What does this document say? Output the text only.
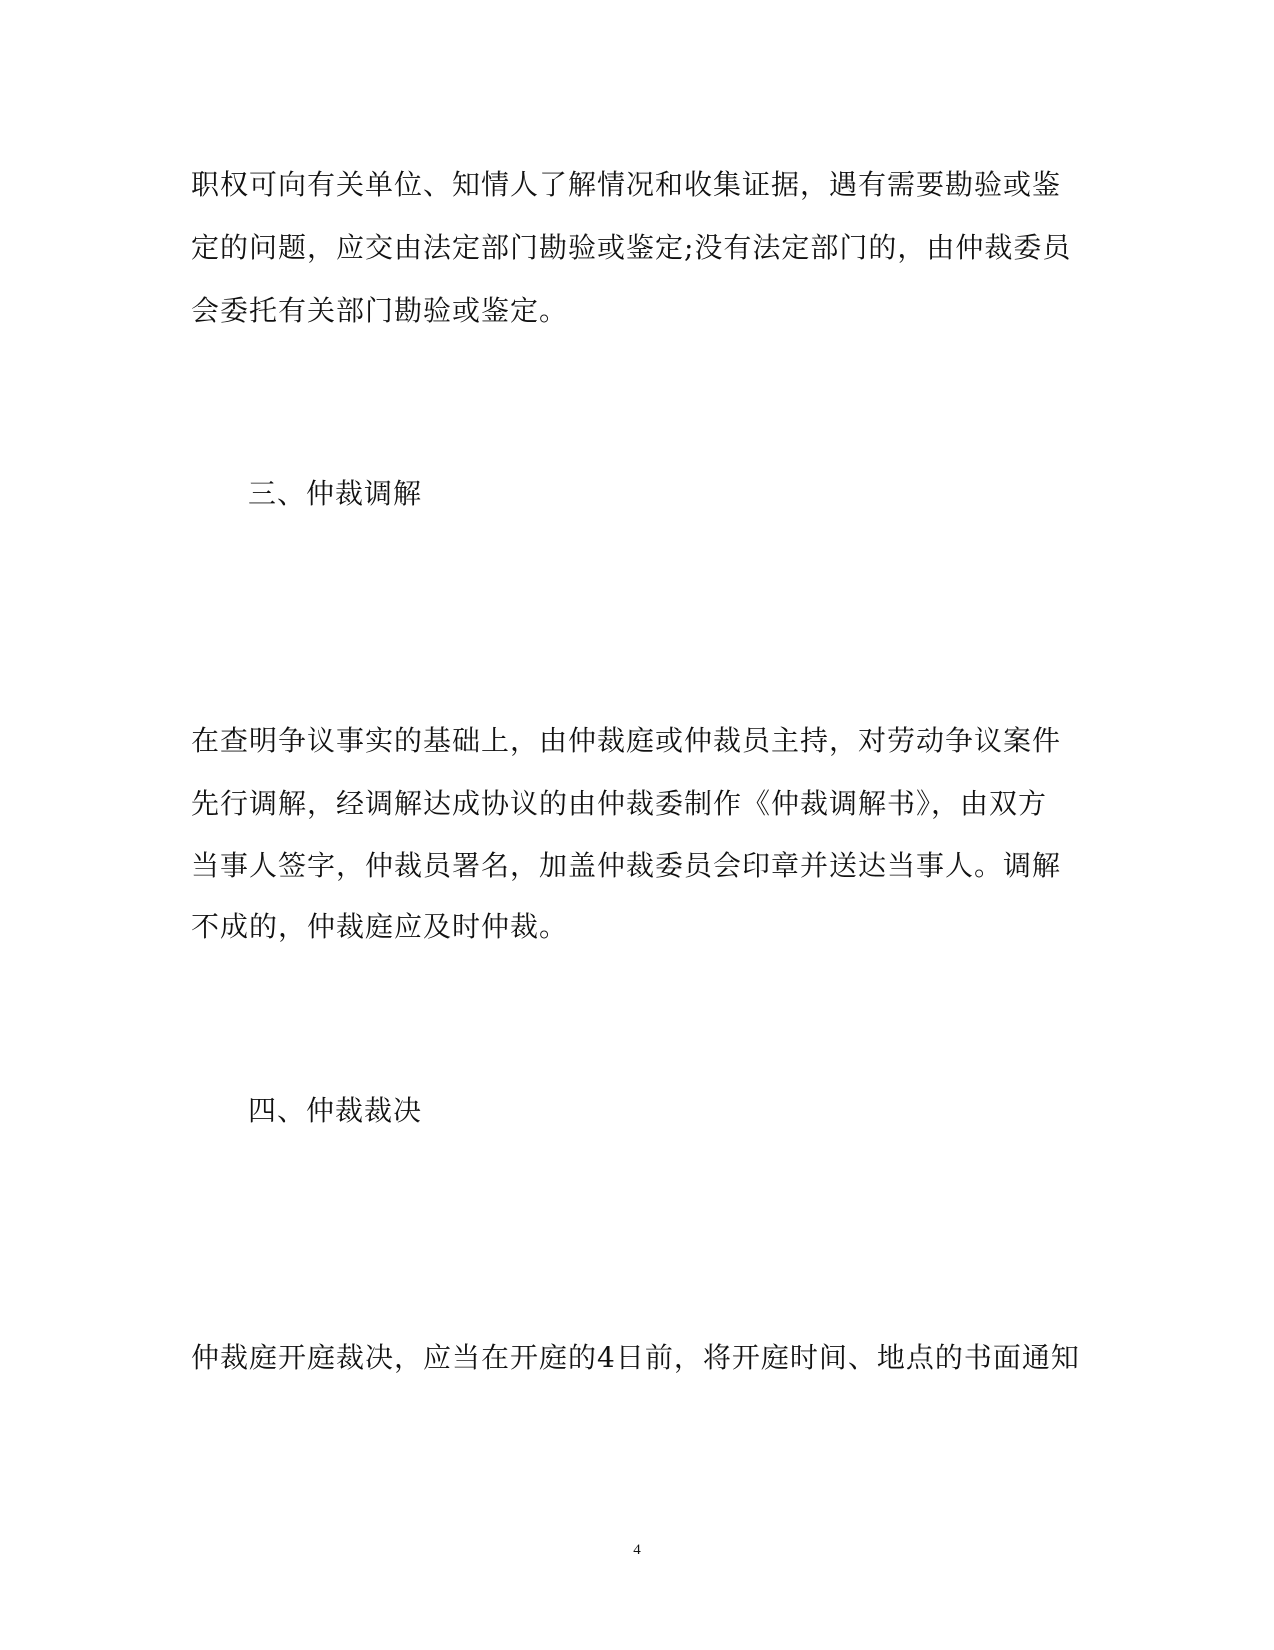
职权可向有关单位、知情人了解情况和收集证据，遇有需要勘验或鉴
定的问题，应交由法定部门勘验或鉴定;没有法定部门的，由仲裁委员
会委托有关部门勘验或鉴定。
三、仲裁调解
在查明争议事实的基础上，由仲裁庭或仲裁员主持，对劳动争议案件
先行调解，经调解达成协议的由仲裁委制作《仲裁调解书》，由双方
当事人签字，仲裁员署名，加盖仲裁委员会印章并送达当事人。调解
不成的，仲裁庭应及时仲裁。
四、仲裁裁决
仲裁庭开庭裁决，应当在开庭的4日前，将开庭时间、地点的书面通知
4
